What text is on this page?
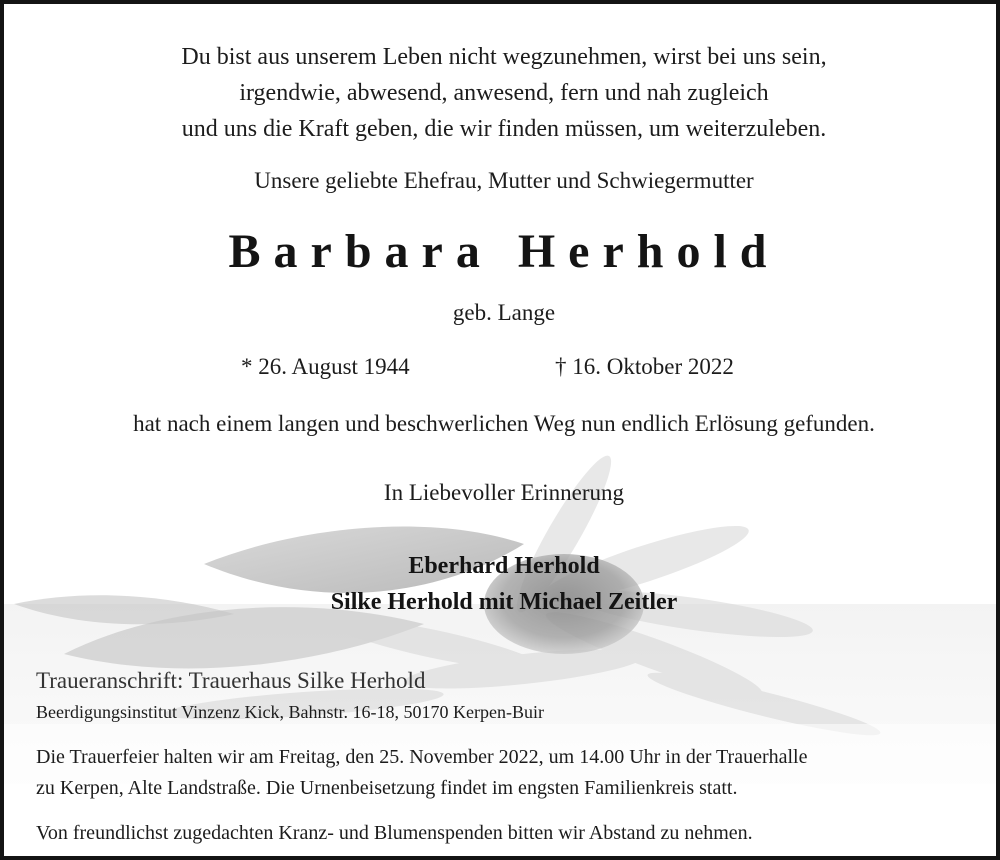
Du bist aus unserem Leben nicht wegzunehmen, wirst bei uns sein,
irgendwie, abwesend, anwesend, fern und nah zugleich
und uns die Kraft geben, die wir finden müssen, um weiterzuleben.
Unsere geliebte Ehefrau, Mutter und Schwiegermutter
Barbara Herhold
geb. Lange
* 26. August 1944	† 16. Oktober 2022
hat nach einem langen und beschwerlichen Weg nun endlich Erlösung gefunden.
In Liebevoller Erinnerung
Eberhard Herhold
Silke Herhold mit Michael Zeitler
Traueranschrift: Trauerhaus Silke Herhold
Beerdigungsinstitut Vinzenz Kick, Bahnstr. 16-18, 50170 Kerpen-Buir
Die Trauerfeier halten wir am Freitag, den 25. November 2022, um 14.00 Uhr in der Trauerhalle
zu Kerpen, Alte Landstraße. Die Urnenbeisetzung findet im engsten Familienkreis statt.
Von freundlichst zugedachten Kranz- und Blumenspenden bitten wir Abstand zu nehmen.
